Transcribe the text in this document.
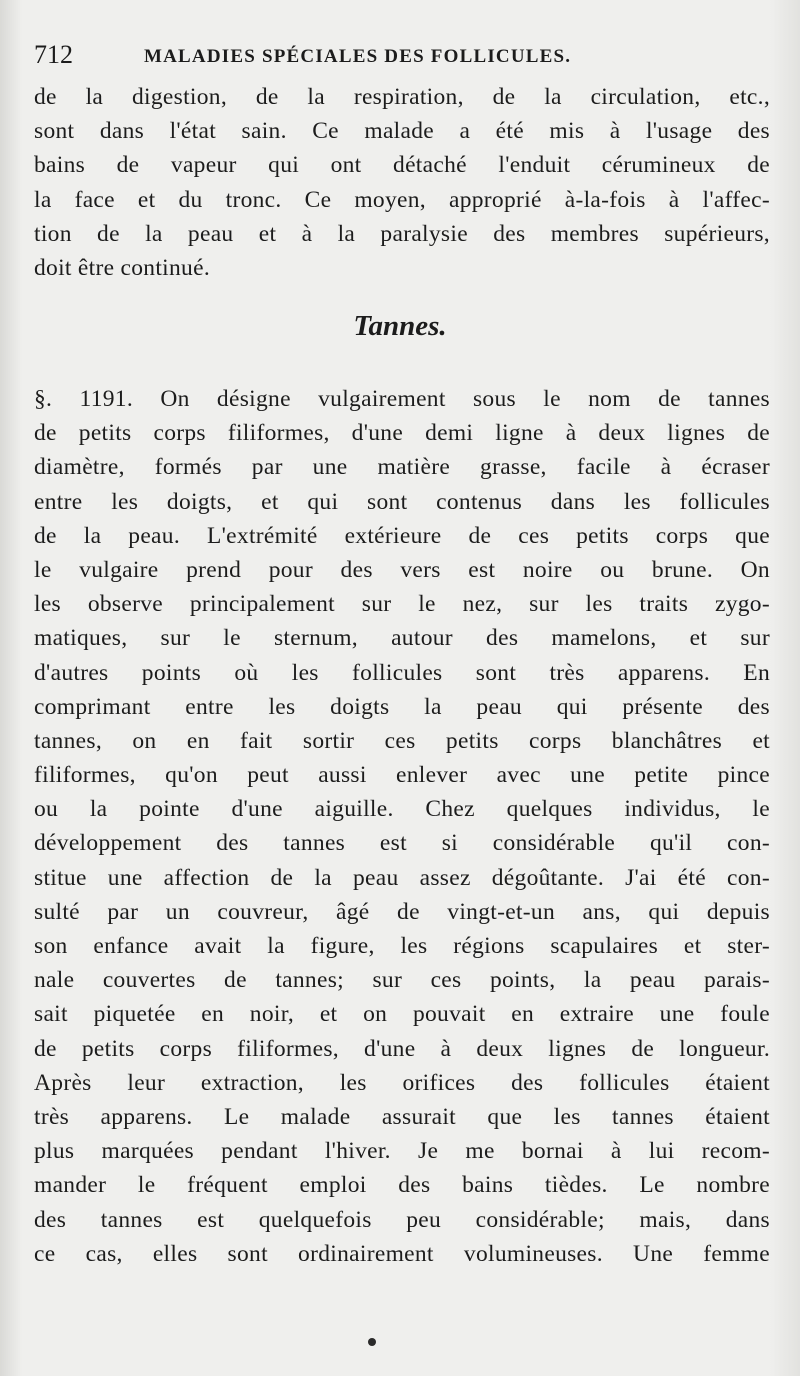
712	MALADIES SPÉCIALES DES FOLLICULES.
de la digestion, de la respiration, de la circulation, etc.,
sont dans l'état sain. Ce malade a été mis à l'usage des
bains de vapeur qui ont détaché l'enduit cérumineux de
la face et du tronc. Ce moyen, approprié à-la-fois à l'affec-
tion de la peau et à la paralysie des membres supérieurs,
doit être continué.
Tannes.
§. 1191. On désigne vulgairement sous le nom de tannes
de petits corps filiformes, d'une demi ligne à deux lignes de
diamètre, formés par une matière grasse, facile à écraser
entre les doigts, et qui sont contenus dans les follicules
de la peau. L'extrémité extérieure de ces petits corps que
le vulgaire prend pour des vers est noire ou brune. On
les observe principalement sur le nez, sur les traits zygo-
matiques, sur le sternum, autour des mamelons, et sur
d'autres points où les follicules sont très apparens. En
comprimant entre les doigts la peau qui présente des
tannes, on en fait sortir ces petits corps blanchâtres et
filiformes, qu'on peut aussi enlever avec une petite pince
ou la pointe d'une aiguille. Chez quelques individus, le
développement des tannes est si considérable qu'il con-
stitue une affection de la peau assez dégoûtante. J'ai été con-
sulté par un couvreur, âgé de vingt-et-un ans, qui depuis
son enfance avait la figure, les régions scapulaires et ster-
nale couvertes de tannes; sur ces points, la peau parais-
sait piquetée en noir, et on pouvait en extraire une foule
de petits corps filiformes, d'une à deux lignes de longueur.
Après leur extraction, les orifices des follicules étaient
très apparens. Le malade assurait que les tannes étaient
plus marquées pendant l'hiver. Je me bornai à lui recom-
mander le fréquent emploi des bains tièdes. Le nombre
des tannes est quelquefois peu considérable; mais, dans
ce cas, elles sont ordinairement volumineuses. Une femme
